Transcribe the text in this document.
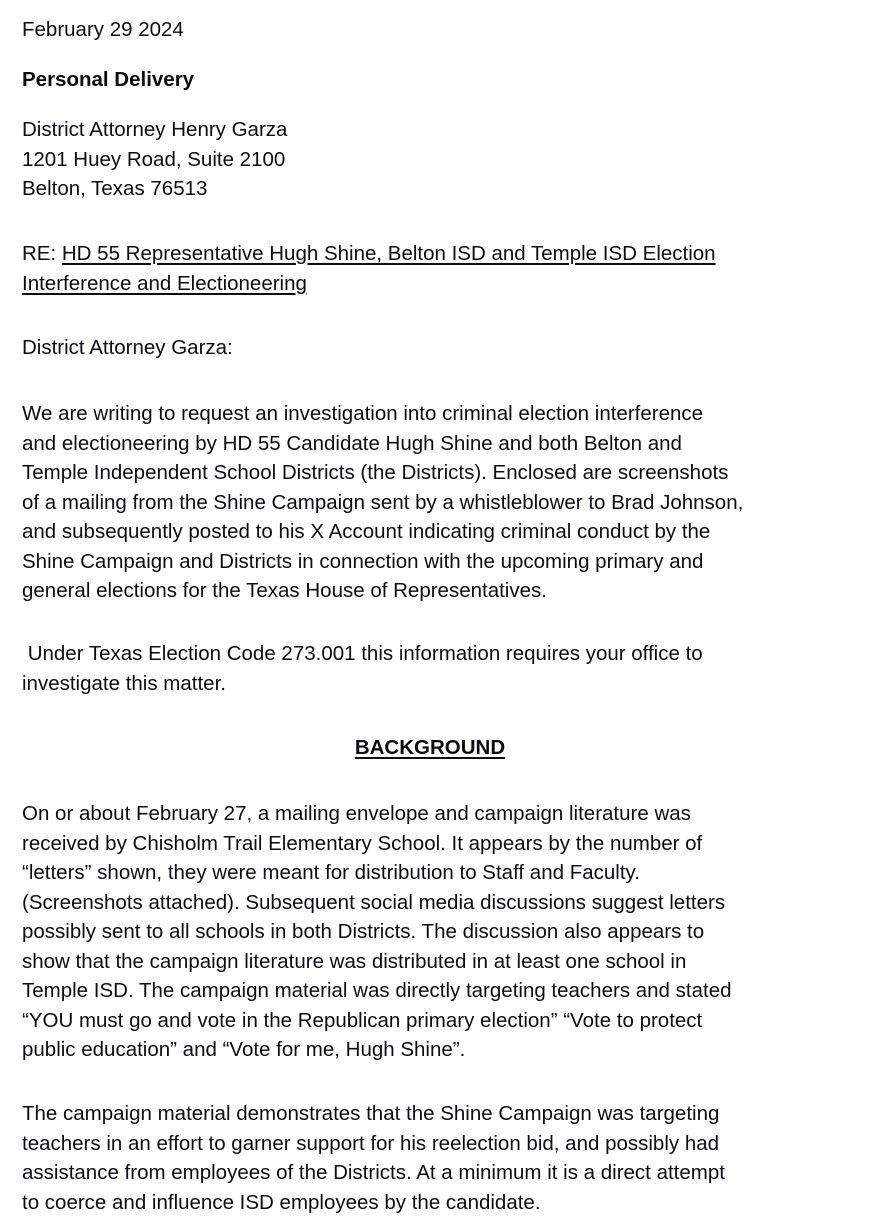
February 29 2024
Personal Delivery
District Attorney Henry Garza
1201 Huey Road, Suite 2100
Belton, Texas 76513
RE: HD 55 Representative Hugh Shine, Belton ISD and Temple ISD Election
Interference and Electioneering
District Attorney Garza:
We are writing to request an investigation into criminal election interference
and electioneering by HD 55 Candidate Hugh Shine and both Belton and
Temple Independent School Districts (the Districts). Enclosed are screenshots
of a mailing from the Shine Campaign sent by a whistleblower to Brad Johnson,
and subsequently posted to his X Account indicating criminal conduct by the
Shine Campaign and Districts in connection with the upcoming primary and
general elections for the Texas House of Representatives.
Under Texas Election Code 273.001 this information requires your office to
investigate this matter.
BACKGROUND
On or about February 27, a mailing envelope and campaign literature was
received by Chisholm Trail Elementary School. It appears by the number of
“letters” shown, they were meant for distribution to Staff and Faculty.
(Screenshots attached). Subsequent social media discussions suggest letters
possibly sent to all schools in both Districts. The discussion also appears to
show that the campaign literature was distributed in at least one school in
Temple ISD. The campaign material was directly targeting teachers and stated
“YOU must go and vote in the Republican primary election” “Vote to protect
public education” and “Vote for me, Hugh Shine”.
The campaign material demonstrates that the Shine Campaign was targeting
teachers in an effort to garner support for his reelection bid, and possibly had
assistance from employees of the Districts. At a minimum it is a direct attempt
to coerce and influence ISD employees by the candidate.
